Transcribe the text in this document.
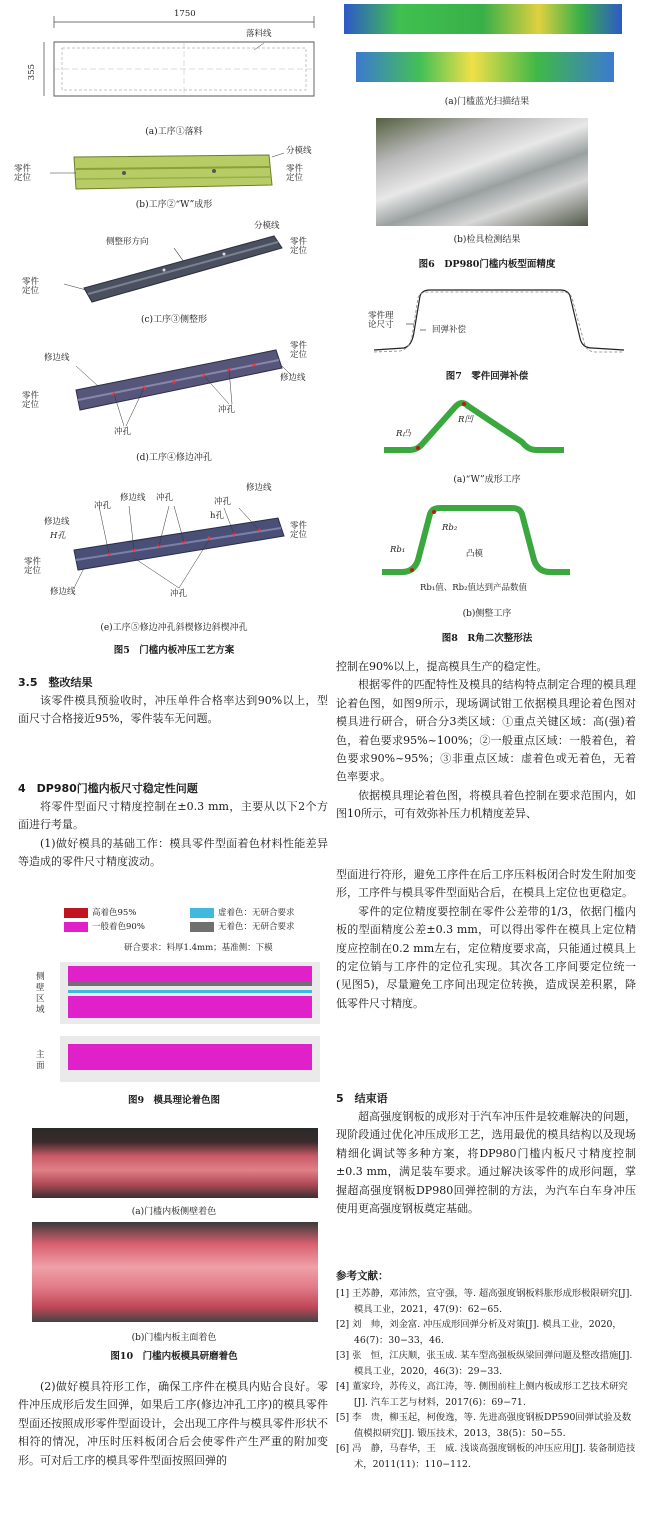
1750
355
落料线
(a)工序①落料
零件
定位
分模线
零件
定位
(b)工序②“W”成形
侧整形方向
分模线
零件
定位
零件
定位
(c)工序③侧整形
修边线
零件
定位
修边线
零件
定位	冲孔
冲孔
(d)工序④修边冲孔
冲孔
修边线 冲孔	冲孔
h孔
修边线
修边线
H孔
零件
定位
零件
定位
修边线	冲孔
(e)工序⑤修边冲孔斜楔修边斜楔冲孔
图5　门槛内板冲压工艺方案
3.5　整改结果

该零件模具预验收时，冲压单件合格率达到90%以上，型面尺寸合格接近95%，零件装车无问题。

4　DP980门槛内板尺寸稳定性问题

将零件型面尺寸精度控制在±0.3 mm，主要从以下2个方面进行考量。

(1)做好模具的基础工作：模具零件型面着色材料性能差异等造成的零件尺寸精度波动。

高着色95%
一般着色90%
虚着色：无研合要求
无着色：无研合要求
研合要求：料厚1.4mm；基准侧：下模
侧
壁
区
域
主
面
图9　模具理论着色图
(a)门槛内板侧壁着色
(b)门槛内板主面着色
图10　门槛内板模具研磨着色

(2)做好模具符形工作，确保工序件在模具内贴合良好。零件冲压成形后发生回弹，如果后工序(修边冲孔工序)的模具零件型面还按照成形零件型面设计，会出现工序件与模具零件形状不相符的情况，冲压时压料板闭合后会使零件产生严重的附加变形。可对后工序的模具零件型面按照回弹的

(a)门槛蓝光扫描结果
(b)检具检测结果
图6　DP980门槛内板型面精度
零件理
论尺寸	回弹补偿
图7　零件回弹补偿
R凸
R凹
(a)“W”成形工序
Rb₁
Rb₂
凸模
Rb₁值、Rb₂值达到产品数值
(b)侧整工序
图8　R角二次整形法

控制在90%以上，提高模具生产的稳定性。

根据零件的匹配特性及模具的结构特点制定合理的模具理论着色图，如图9所示，现场调试钳工依据模具理论着色图对模具进行研合，研合分3类区域：①重点关键区域：高(强)着色，着色要求95%~100%；②一般重点区域：一般着色，着色要求90%~95%；③非重点区域：虚着色或无着色，无着色率要求。

依据模具理论着色图，将模具着色控制在要求范围内，如图10所示，可有效弥补压力机精度差异、

型面进行符形，避免工序件在后工序压料板闭合时发生附加变形，工序件与模具零件型面贴合后，在模具上定位也更稳定。

零件的定位精度要控制在零件公差带的1/3，依据门槛内板的型面精度公差±0.3 mm，可以得出零件在模具上定位精度应控制在0.2 mm左右，定位精度要求高，只能通过模具上的定位销与工序件的定位孔实现。其次各工序间要定位统一(见图5)，尽量避免工序间出现定位转换，造成误差积累，降低零件尺寸精度。

5　结束语

超高强度钢板的成形对于汽车冲压件是较难解决的问题，现阶段通过优化冲压成形工艺，选用最优的模具结构以及现场精细化调试等多种方案，将DP980门槛内板尺寸精度控制±0.3 mm，满足装车要求。通过解决该零件的成形问题，掌握超高强度钢板DP980回弹控制的方法，为汽车白车身冲压使用更高强度钢板奠定基础。

参考文献：
[1] 王苏静，邓沛然，宣守强，等. 超高强度钢板料胀形成形极限研究[J]. 模具工业，2021，47(9)：62−65.
[2] 刘　帅，刘金富. 冲压成形回弹分析及对策[J]. 模具工业，2020，46(7)：30−33，46.
[3] 张　恒，江庆顺，张玉成. 某车型高强板纵梁回弹问题及整改措施[J]. 模具工业，2020，46(3)：29−33.
[4] 董家玲，苏传义，高江涛，等. 侧围前柱上侧内板成形工艺技术研究[J]. 汽车工艺与材料，2017(6)：69−71.
[5] 李　贵，柳玉起，柯俊逸，等. 先进高强度钢板DP590回弹试验及数值模拟研究[J]. 锻压技术，2013，38(5)：50−55.
[6] 冯　静，马春华，王　威. 浅谈高强度钢板的冲压应用[J]. 装备制造技术，2011(11)：110−112.
